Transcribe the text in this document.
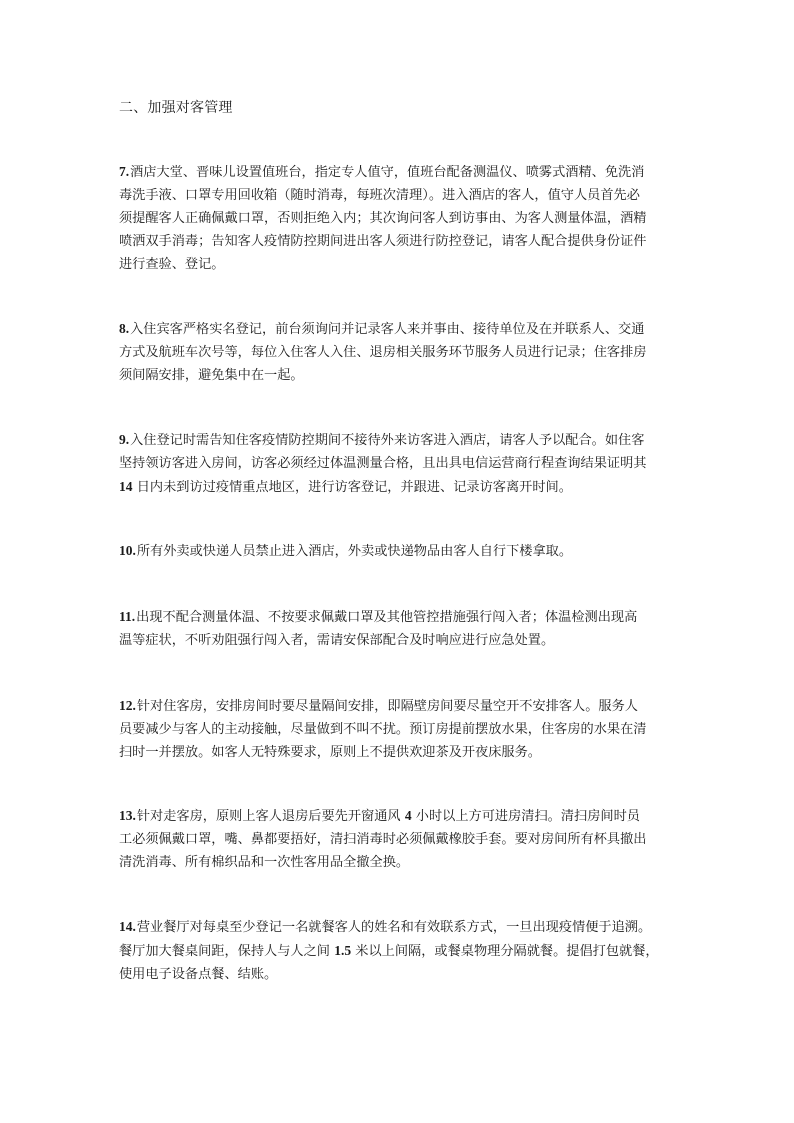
二、加强对客管理
7.酒店大堂、晋味儿设置值班台，指定专人值守，值班台配备测温仪、喷雾式酒精、免洗消
毒洗手液、口罩专用回收箱（随时消毒，每班次清理）。进入酒店的客人，值守人员首先必
须提醒客人正确佩戴口罩，否则拒绝入内；其次询问客人到访事由、为客人测量体温，酒精
喷洒双手消毒；告知客人疫情防控期间进出客人须进行防控登记，请客人配合提供身份证件
进行查验、登记。
8.入住宾客严格实名登记，前台须询问并记录客人来并事由、接待单位及在并联系人、交通
方式及航班车次号等，每位入住客人入住、退房相关服务环节服务人员进行记录；住客排房
须间隔安排，避免集中在一起。
9.入住登记时需告知住客疫情防控期间不接待外来访客进入酒店，请客人予以配合。如住客
坚持领访客进入房间，访客必须经过体温测量合格，且出具电信运营商行程查询结果证明其
14 日内未到访过疫情重点地区，进行访客登记，并跟进、记录访客离开时间。
10.所有外卖或快递人员禁止进入酒店，外卖或快递物品由客人自行下楼拿取。
11.出现不配合测量体温、不按要求佩戴口罩及其他管控措施强行闯入者；体温检测出现高
温等症状，不听劝阻强行闯入者，需请安保部配合及时响应进行应急处置。
12.针对住客房，安排房间时要尽量隔间安排，即隔壁房间要尽量空开不安排客人。服务人
员要减少与客人的主动接触，尽量做到不叫不扰。预订房提前摆放水果，住客房的水果在清
扫时一并摆放。如客人无特殊要求，原则上不提供欢迎茶及开夜床服务。
13.针对走客房，原则上客人退房后要先开窗通风 4 小时以上方可进房清扫。清扫房间时员
工必须佩戴口罩，嘴、鼻都要捂好，清扫消毒时必须佩戴橡胶手套。要对房间所有杯具撤出
清洗消毒、所有棉织品和一次性客用品全撤全换。
14.营业餐厅对每桌至少登记一名就餐客人的姓名和有效联系方式，一旦出现疫情便于追溯。
餐厅加大餐桌间距，保持人与人之间 1.5 米以上间隔，或餐桌物理分隔就餐。提倡打包就餐，
使用电子设备点餐、结账。
